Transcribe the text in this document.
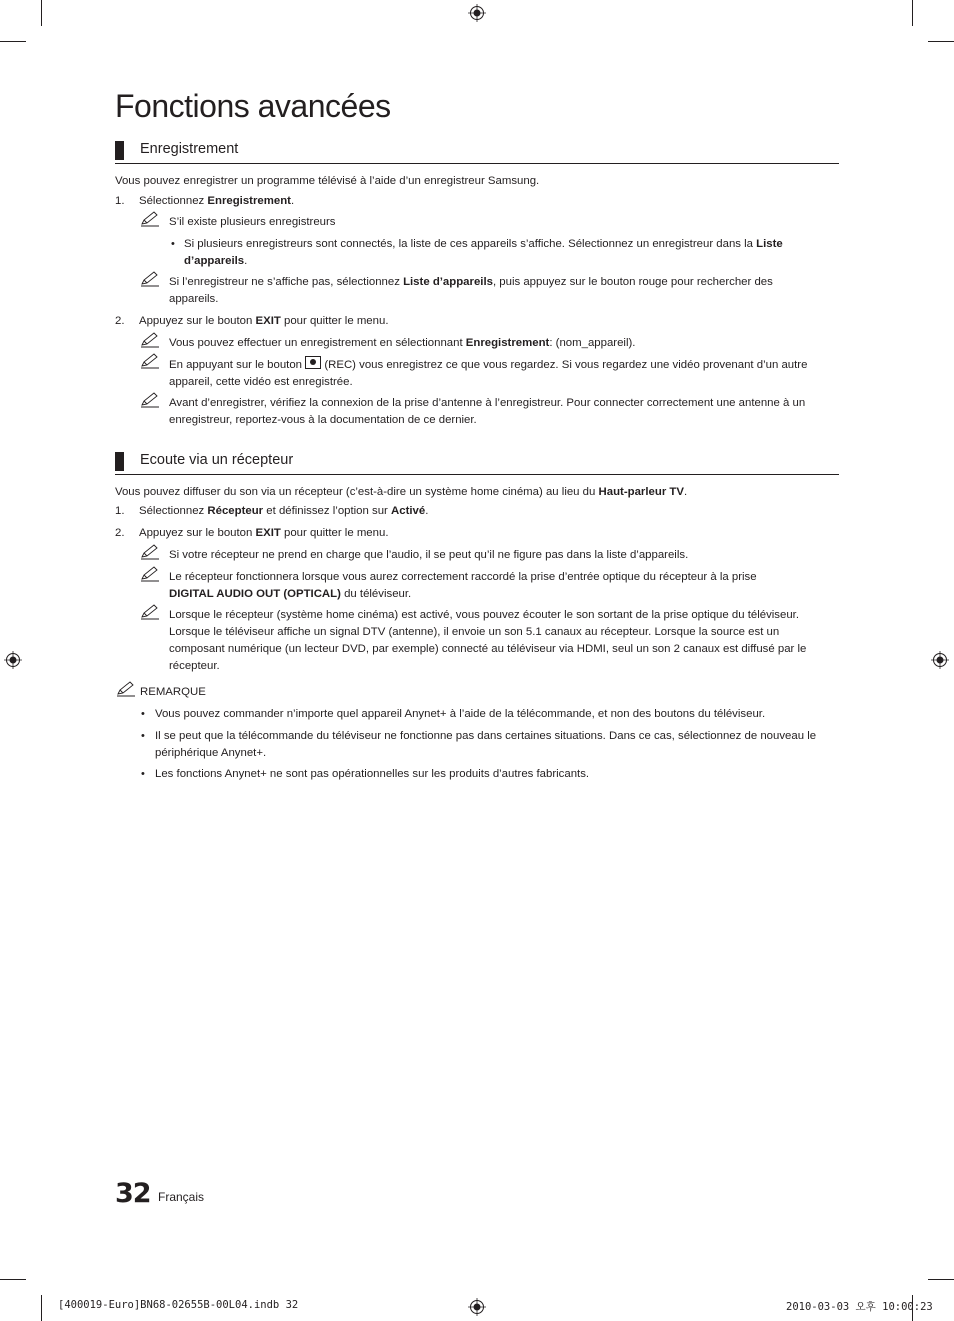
Fonctions avancées
Enregistrement
Vous pouvez enregistrer un programme télévisé à l’aide d’un enregistreur Samsung.
1. Sélectionnez Enregistrement.
S’il existe plusieurs enregistreurs
• Si plusieurs enregistreurs sont connectés, la liste de ces appareils s’affiche. Sélectionnez un enregistreur dans la Liste
d’appareils.
Si l’enregistreur ne s’affiche pas, sélectionnez Liste d’appareils, puis appuyez sur le bouton rouge pour rechercher des
appareils.
2. Appuyez sur le bouton EXIT pour quitter le menu.
Vous pouvez effectuer un enregistrement en sélectionnant Enregistrement: (nom_appareil).
En appuyant sur le bouton
(REC) vous enregistrez ce que vous regardez. Si vous regardez une vidéo provenant d’un autre
appareil, cette vidéo est enregistrée.
Avant d’enregistrer, vérifiez la connexion de la prise d’antenne à l’enregistreur. Pour connecter correctement une antenne à un
enregistreur, reportez-vous à la documentation de ce dernier.
Ecoute via un récepteur
Vous pouvez diffuser du son via un récepteur (c’est-à-dire un système home cinéma) au lieu du Haut-parleur TV.
1. Sélectionnez Récepteur et définissez l’option sur Activé.
2. Appuyez sur le bouton EXIT pour quitter le menu.
Si votre récepteur ne prend en charge que l’audio, il se peut qu’il ne figure pas dans la liste d’appareils.
Le récepteur fonctionnera lorsque vous aurez correctement raccordé la prise d’entrée optique du récepteur à la prise
DIGITAL AUDIO OUT (OPTICAL) du téléviseur.
Lorsque le récepteur (système home cinéma) est activé, vous pouvez écouter le son sortant de la prise optique du téléviseur.
Lorsque le téléviseur affiche un signal DTV (antenne), il envoie un son 5.1 canaux au récepteur. Lorsque la source est un
composant numérique (un lecteur DVD, par exemple) connecté au téléviseur via HDMI, seul un son 2 canaux est diffusé par le
récepteur.
REMARQUE
• Vous pouvez commander n’importe quel appareil Anynet+ à l’aide de la télécommande, et non des boutons du téléviseur.
• Il se peut que la télécommande du téléviseur ne fonctionne pas dans certaines situations. Dans ce cas, sélectionnez de nouveau le
périphérique Anynet+.
• Les fonctions Anynet+ ne sont pas opérationnelles sur les produits d’autres fabricants.
32 Français
[400019-Euro]BN68-02655B-00L04.indb 32	2010-03-03 오후 10:00:23
